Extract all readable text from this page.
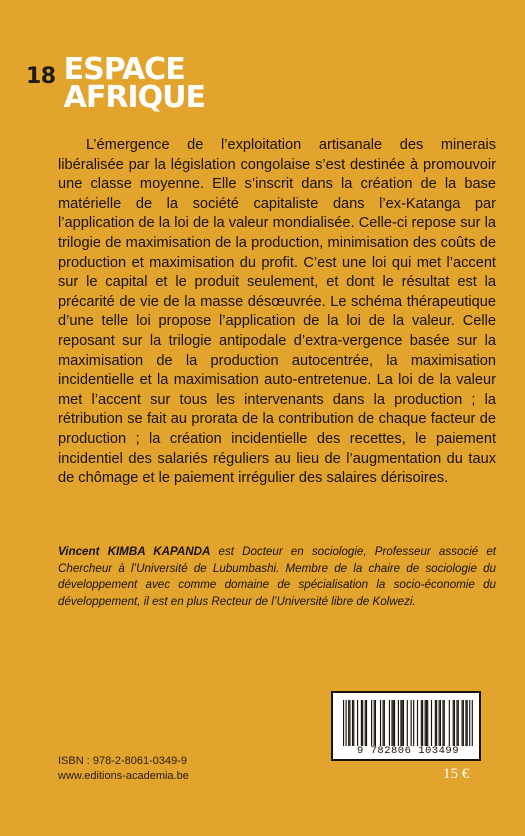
18 ESPACE
AFRIQUE

L’émergence de l’exploitation artisanale des minerais libéralisée par la législation congolaise s’est destinée à promouvoir une classe moyenne. Elle s’inscrit dans la création de la base matérielle de la société capitaliste dans l’ex-Katanga par l’application de la loi de la valeur mondialisée. Celle-ci repose sur la trilogie de maximisation de la production, minimisation des coûts de production et maximisation du profit. C’est une loi qui met l’accent sur le capital et le produit seulement, et dont le résultat est la précarité de vie de la masse désœuvrée. Le schéma thérapeutique d’une telle loi propose l’application de la loi de la valeur. Celle reposant sur la trilogie antipodale d’extra-vergence basée sur la maximisation de la production autocentrée, la maximisation incidentielle et la maximisation auto-entretenue. La loi de la valeur met l’accent sur tous les intervenants dans la production ; la rétribution se fait au prorata de la contribution de chaque facteur de production ; la création incidentielle des recettes, le paiement incidentiel des salariés réguliers au lieu de l’augmentation du taux de chômage et le paiement irrégulier des salaires dérisoires.

Vincent KIMBA KAPANDA est Docteur en sociologie, Professeur associé et Chercheur à l’Université de Lubumbashi. Membre de la chaire de sociologie du développement avec comme domaine de spécialisation la socio-économie du développement, il est en plus Recteur de l’Université libre de Kolwezi.

9 782806 103499
ISBN : 978-2-8061-0349-9
www.editions-academia.be	15 €
